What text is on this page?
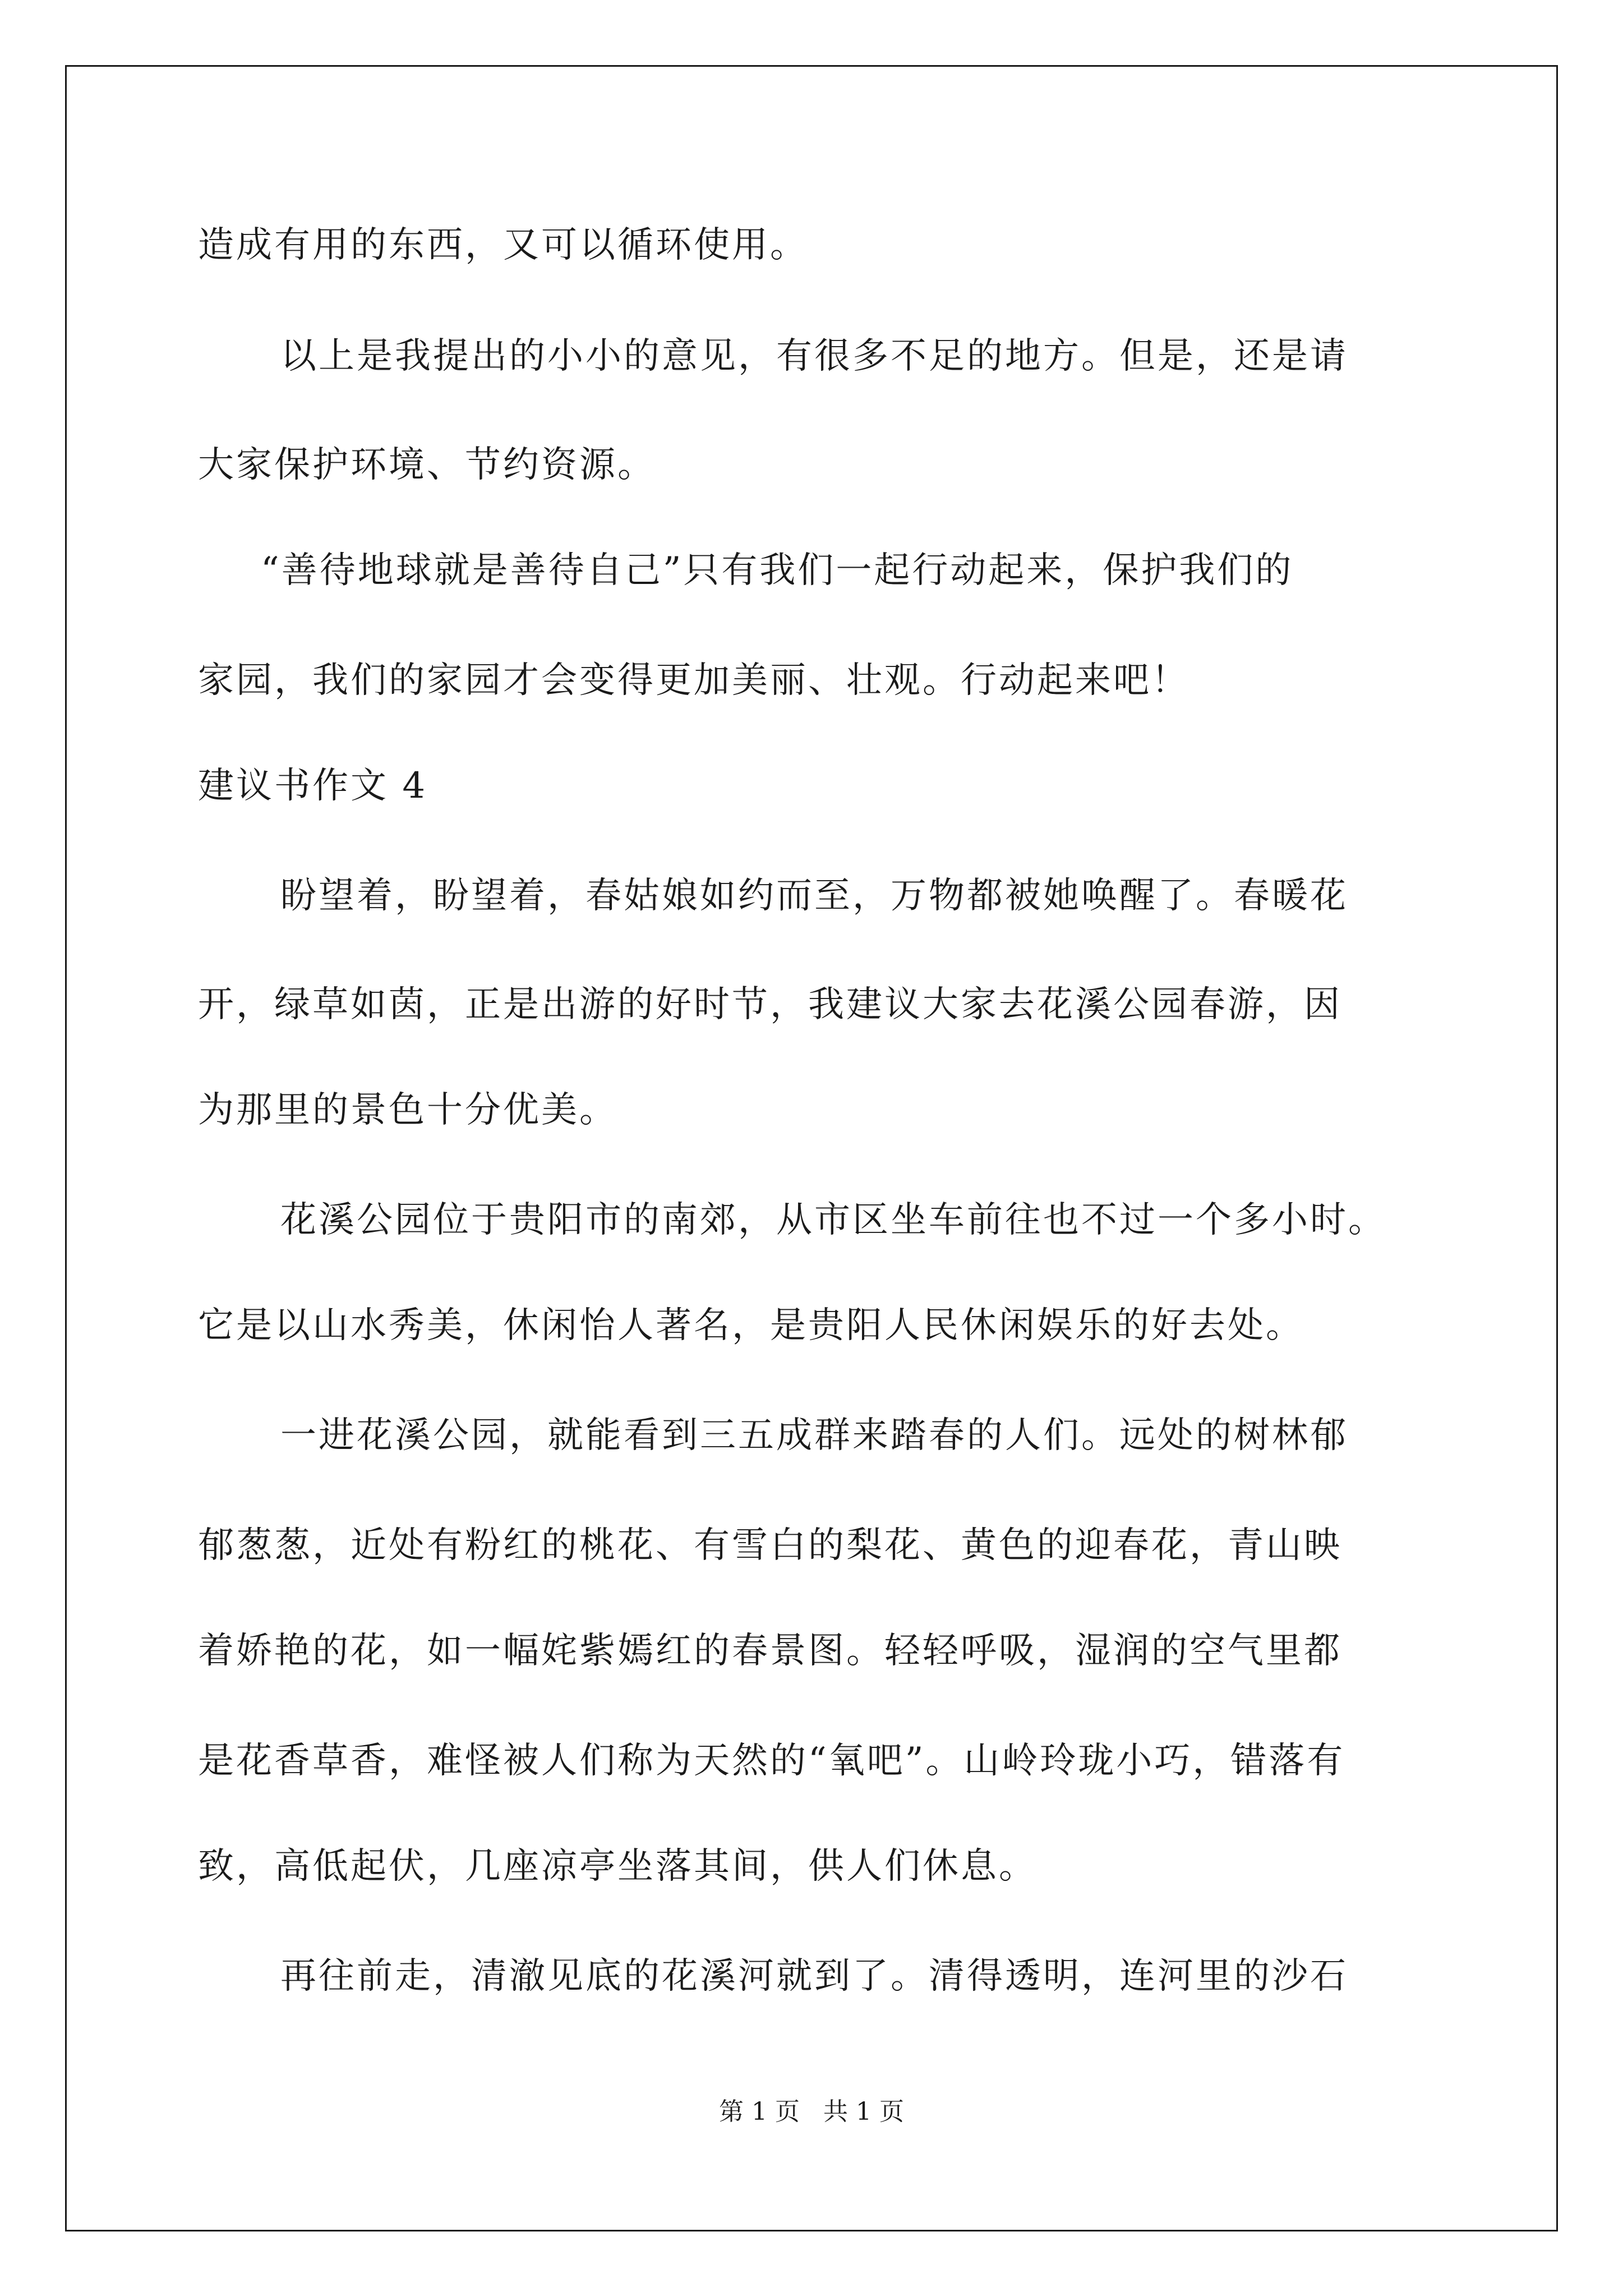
造成有用的东西，又可以循环使用。
以上是我提出的小小的意见，有很多不足的地方。但是，还是请
大家保护环境、节约资源。
“善待地球就是善待自己”只有我们一起行动起来，保护我们的
家园，我们的家园才会变得更加美丽、壮观。行动起来吧！
建议书作文 4
盼望着，盼望着，春姑娘如约而至，万物都被她唤醒了。春暖花
开，绿草如茵，正是出游的好时节，我建议大家去花溪公园春游，因
为那里的景色十分优美。
花溪公园位于贵阳市的南郊，从市区坐车前往也不过一个多小时。
它是以山水秀美，休闲怡人著名，是贵阳人民休闲娱乐的好去处。
一进花溪公园，就能看到三五成群来踏春的人们。远处的树林郁
郁葱葱，近处有粉红的桃花、有雪白的梨花、黄色的迎春花，青山映
着娇艳的花，如一幅姹紫嫣红的春景图。轻轻呼吸，湿润的空气里都
是花香草香，难怪被人们称为天然的“氧吧”。山岭玲珑小巧，错落有
致，高低起伏，几座凉亭坐落其间，供人们休息。
再往前走，清澈见底的花溪河就到了。清得透明，连河里的沙石
第 1 页   共 1 页
